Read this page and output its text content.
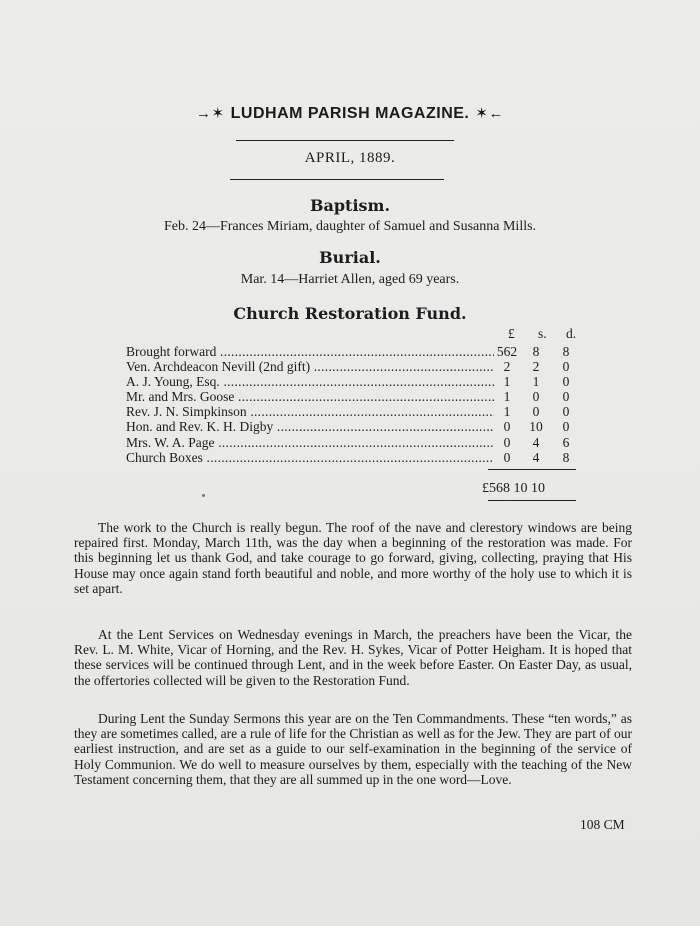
→✶ LUDHAM PARISH MAGAZINE. ✶←
APRIL, 1889.
Baptism.
Feb. 24—Frances Miriam, daughter of Samuel and Susanna Mills.
Burial.
Mar. 14—Harriet Allen, aged 69 years.
Church Restoration Fund.
£ s. d.
Brought forward .....	562	8	8
Ven. Archdeacon Nevill (2nd gift) .....	2	2	0
A. J. Young, Esq. .....	1	1	0
Mr. and Mrs. Goose .....	1	0	0
Rev. J. N. Simpkinson .....	1	0	0
Hon. and Rev. K. H. Digby .....	0	10	0
Mrs. W. A. Page .....	0	4	6
Church Boxes .....	0	4	8
£568 10 10
The work to the Church is really begun. The roof of the nave and clerestory windows are being repaired first. Monday, March 11th, was the day when a beginning of the restoration was made. For this beginning let us thank God, and take courage to go forward, giving, collecting, praying that His House may once again stand forth beautiful and noble, and more worthy of the holy use to which it is set apart.
At the Lent Services on Wednesday evenings in March, the preachers have been the Vicar, the Rev. L. M. White, Vicar of Horning, and the Rev. H. Sykes, Vicar of Potter Heigham. It is hoped that these services will be continued through Lent, and in the week before Easter. On Easter Day, as usual, the offertories collected will be given to the Restoration Fund.
During Lent the Sunday Sermons this year are on the Ten Commandments. These “ten words,” as they are sometimes called, are a rule of life for the Christian as well as for the Jew. They are part of our earliest instruction, and are set as a guide to our self-examination in the beginning of the service of Holy Communion. We do well to measure ourselves by them, especially with the teaching of the New Testament concerning them, that they are all summed up in the one word—Love.
108 CM
